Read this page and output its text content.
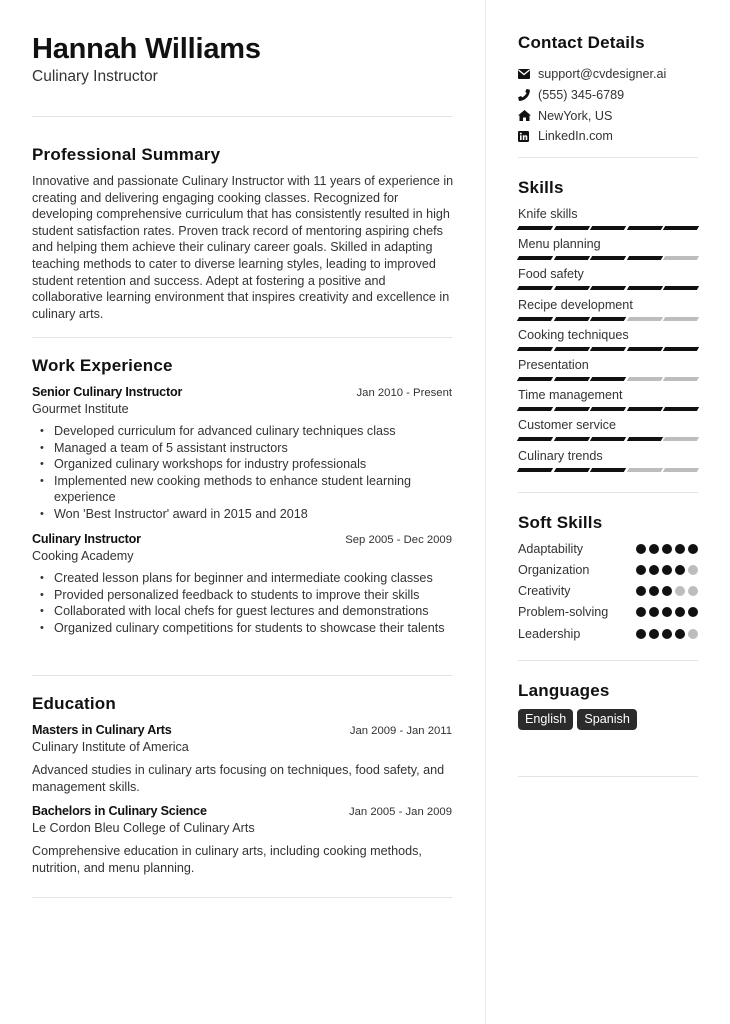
Hannah Williams
Culinary Instructor
Professional Summary
Innovative and passionate Culinary Instructor with 11 years of experience in creating and delivering engaging cooking classes. Recognized for developing comprehensive curriculum that has consistently resulted in high student satisfaction rates. Proven track record of mentoring aspiring chefs and helping them achieve their culinary career goals. Skilled in adapting teaching methods to cater to diverse learning styles, leading to improved student retention and success. Adept at fostering a positive and collaborative learning environment that inspires creativity and excellence in culinary arts.
Work Experience
Senior Culinary Instructor	Jan 2010 - Present
Gourmet Institute
• Developed curriculum for advanced culinary techniques class
• Managed a team of 5 assistant instructors
• Organized culinary workshops for industry professionals
• Implemented new cooking methods to enhance student learning experience
• Won 'Best Instructor' award in 2015 and 2018
Culinary Instructor	Sep 2005 - Dec 2009
Cooking Academy
• Created lesson plans for beginner and intermediate cooking classes
• Provided personalized feedback to students to improve their skills
• Collaborated with local chefs for guest lectures and demonstrations
• Organized culinary competitions for students to showcase their talents
Education
Masters in Culinary Arts	Jan 2009 - Jan 2011
Culinary Institute of America
Advanced studies in culinary arts focusing on techniques, food safety, and management skills.
Bachelors in Culinary Science	Jan 2005 - Jan 2009
Le Cordon Bleu College of Culinary Arts
Comprehensive education in culinary arts, including cooking methods, nutrition, and menu planning.
Contact Details
support@cvdesigner.ai
(555) 345-6789
NewYork, US
LinkedIn.com
Skills
Knife skills
Menu planning
Food safety
Recipe development
Cooking techniques
Presentation
Time management
Customer service
Culinary trends
Soft Skills
Adaptability
Organization
Creativity
Problem-solving
Leadership
Languages
English	Spanish
